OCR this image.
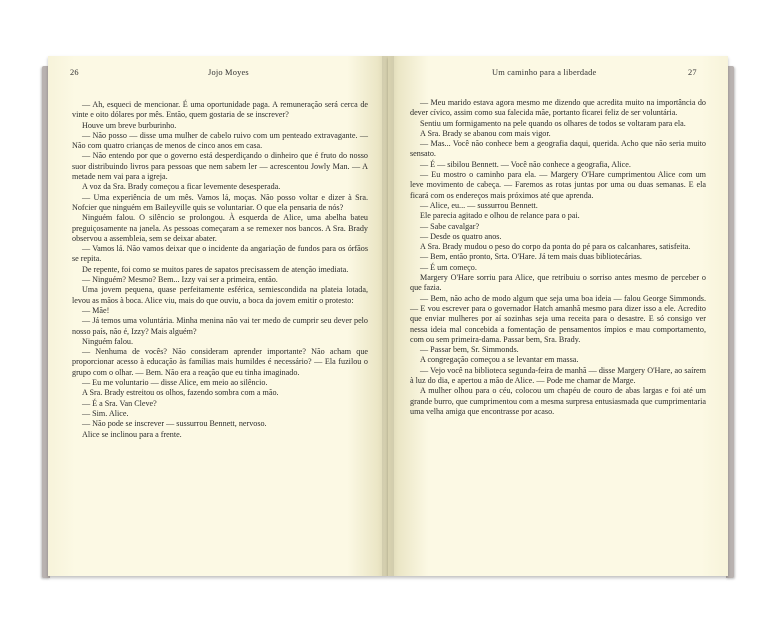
26	Jojo Moyes

— Ah, esqueci de mencionar. É uma oportunidade paga. A remuneração será cerca de vinte e oito dólares por mês. Então, quem gostaria de se inscrever?

Houve um breve burburinho.

— Não posso — disse uma mulher de cabelo ruivo com um penteado extravagante. — Não com quatro crianças de menos de cinco anos em casa.

— Não entendo por que o governo está desperdiçando o dinheiro que é fruto do nosso suor distribuindo livros para pessoas que nem sabem ler — acrescentou Jowly Man. — A metade nem vai para a igreja.

A voz da Sra. Brady começou a ficar levemente desesperada.

— Uma experiência de um mês. Vamos lá, moças. Não posso voltar e dizer à Sra. Nofcier que ninguém em Baileyville quis se voluntariar. O que ela pensaria de nós?

Ninguém falou. O silêncio se prolongou. À esquerda de Alice, uma abelha bateu preguiçosamente na janela. As pessoas começaram a se remexer nos bancos. A Sra. Brady observou a assembleia, sem se deixar abater.

— Vamos lá. Não vamos deixar que o incidente da angariação de fundos para os órfãos se repita.

De repente, foi como se muitos pares de sapatos precisassem de atenção imediata.

— Ninguém? Mesmo? Bem... Izzy vai ser a primeira, então.

Uma jovem pequena, quase perfeitamente esférica, semiescondida na plateia lotada, levou as mãos à boca. Alice viu, mais do que ouviu, a boca da jovem emitir o protesto:

— Mãe!

— Já temos uma voluntária. Minha menina não vai ter medo de cumprir seu dever pelo nosso país, não é, Izzy? Mais alguém?

Ninguém falou.

— Nenhuma de vocês? Não consideram aprender importante? Não acham que proporcionar acesso à educação às famílias mais humildes é necessário? — Ela fuzilou o grupo com o olhar. — Bem. Não era a reação que eu tinha imaginado.

— Eu me voluntario — disse Alice, em meio ao silêncio.

A Sra. Brady estreitou os olhos, fazendo sombra com a mão.

— É a Sra. Van Cleve?

— Sim. Alice.

— Não pode se inscrever — sussurrou Bennett, nervoso.

Alice se inclinou para a frente.

Um caminho para a liberdade	27

— Meu marido estava agora mesmo me dizendo que acredita muito na importância do dever cívico, assim como sua falecida mãe, portanto ficarei feliz de ser voluntária.

Sentiu um formigamento na pele quando os olhares de todos se voltaram para ela.

A Sra. Brady se abanou com mais vigor.

— Mas... Você não conhece bem a geografia daqui, querida. Acho que não seria muito sensato.

— É — sibilou Bennett. — Você não conhece a geografia, Alice.

— Eu mostro o caminho para ela. — Margery O'Hare cumprimentou Alice com um leve movimento de cabeça. — Faremos as rotas juntas por uma ou duas semanas. E ela ficará com os endereços mais próximos até que aprenda.

— Alice, eu... — sussurrou Bennett.

Ele parecia agitado e olhou de relance para o pai.

— Sabe cavalgar?

— Desde os quatro anos.

A Sra. Brady mudou o peso do corpo da ponta do pé para os calcanhares, satisfeita.

— Bem, então pronto, Srta. O'Hare. Já tem mais duas bibliotecárias.

— É um começo.

Margery O'Hare sorriu para Alice, que retribuiu o sorriso antes mesmo de perceber o que fazia.

— Bem, não acho de modo algum que seja uma boa ideia — falou George Simmonds. — E vou escrever para o governador Hatch amanhã mesmo para dizer isso a ele. Acredito que enviar mulheres por aí sozinhas seja uma receita para o desastre. E só consigo ver nessa ideia mal concebida a fomentação de pensamentos ímpios e mau comportamento, com ou sem primeira-dama. Passar bem, Sra. Brady.

— Passar bem, Sr. Simmonds.

A congregação começou a se levantar em massa.

— Vejo você na biblioteca segunda-feira de manhã — disse Margery O'Hare, ao saírem à luz do dia, e apertou a mão de Alice. — Pode me chamar de Marge.

A mulher olhou para o céu, colocou um chapéu de couro de abas largas e foi até um grande burro, que cumprimentou com a mesma surpresa entusiasmada que cumprimentaria uma velha amiga que encontrasse por acaso.
